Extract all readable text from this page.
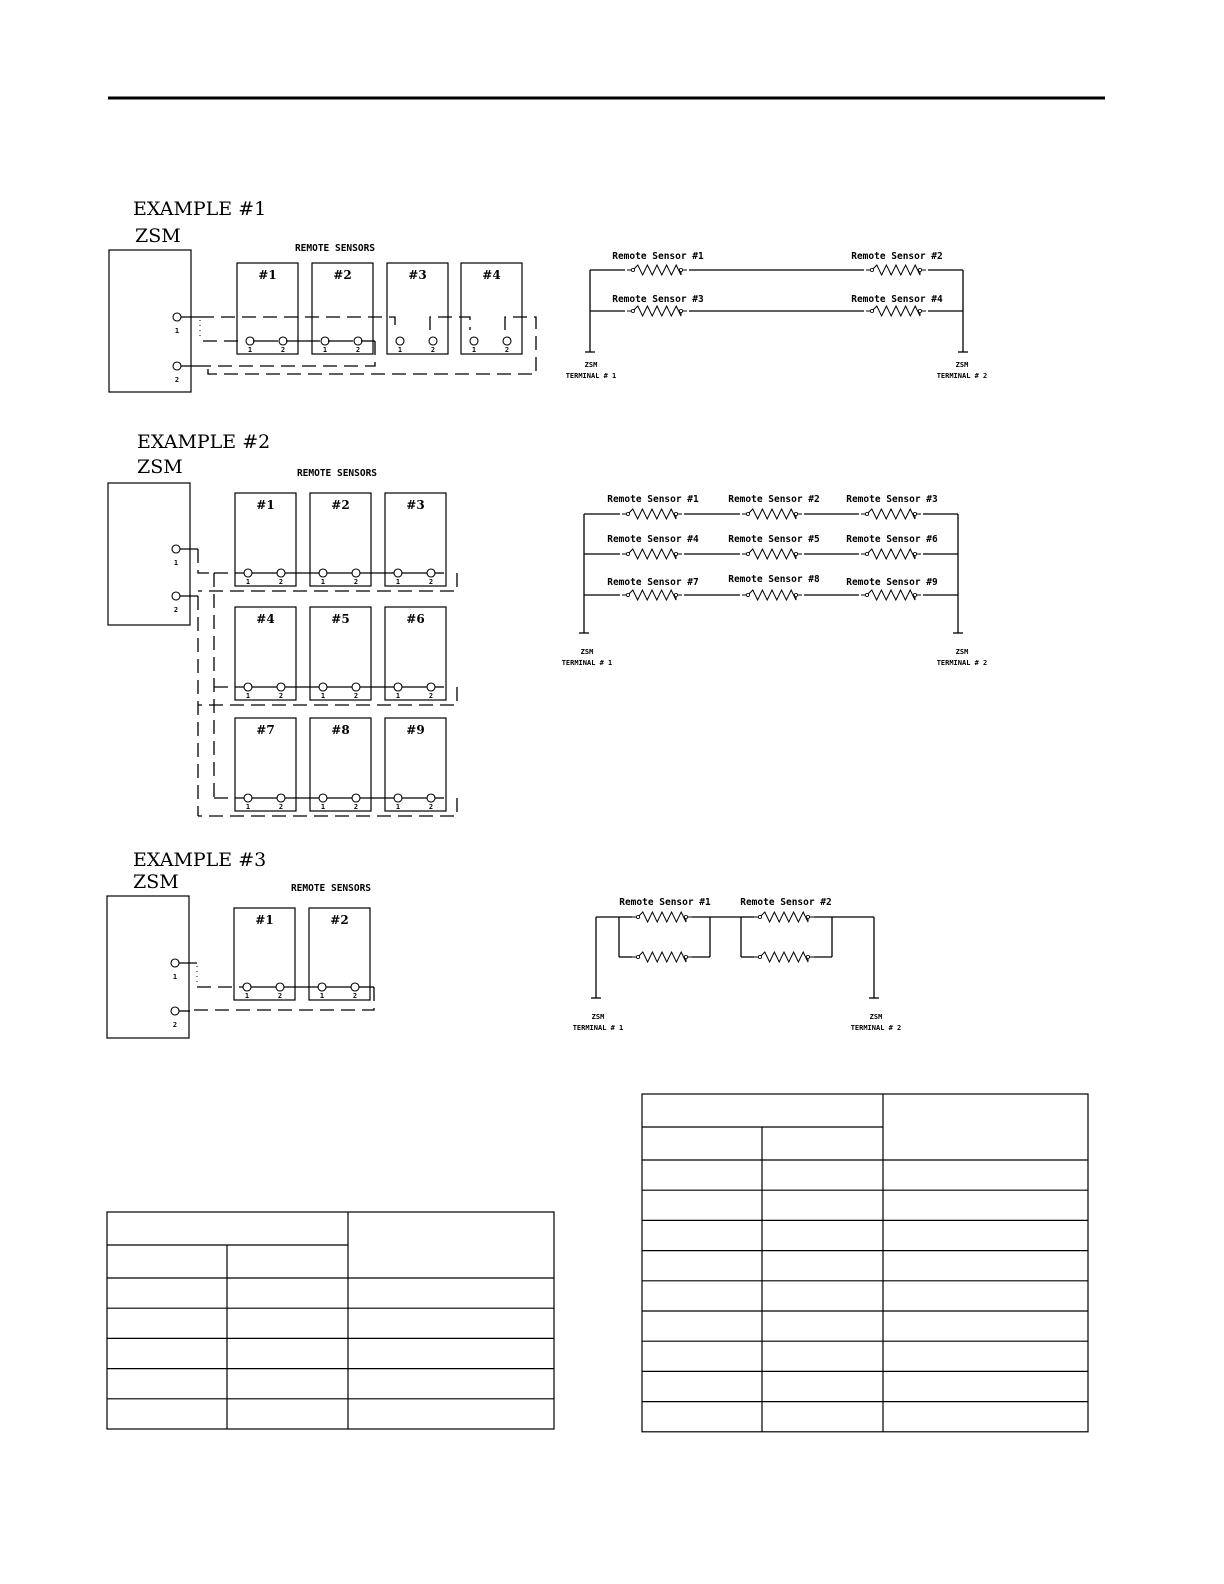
EXAMPLE #1
ZSM
REMOTE SENSORS
1
2
#1
1	2
#2
1	2
#3
1	2
#4
1	2
Remote Sensor #1	Remote Sensor #2
Remote Sensor #3	Remote Sensor #4
ZSM
TERMINAL # 1
ZSM
TERMINAL # 2
EXAMPLE #2
ZSM	REMOTE SENSORS
1
2
#1
1	2
#2
1	2
#3
1	2
#4
1	2
#5
1	2
#6
1	2
#7
1	2
#8
1	2
#9
1	2
Remote Sensor #1	Remote Sensor #2	Remote Sensor #3
Remote Sensor #4	Remote Sensor #5	Remote Sensor #6
Remote Sensor #7	Remote Sensor #8	Remote Sensor #9
ZSM
TERMINAL # 1
ZSM
TERMINAL # 2
EXAMPLE #3
ZSM	REMOTE SENSORS
1
2
#1
1	2
#2
1	2
Remote Sensor #1	Remote Sensor #2
ZSM
TERMINAL # 1
ZSM
TERMINAL # 2
